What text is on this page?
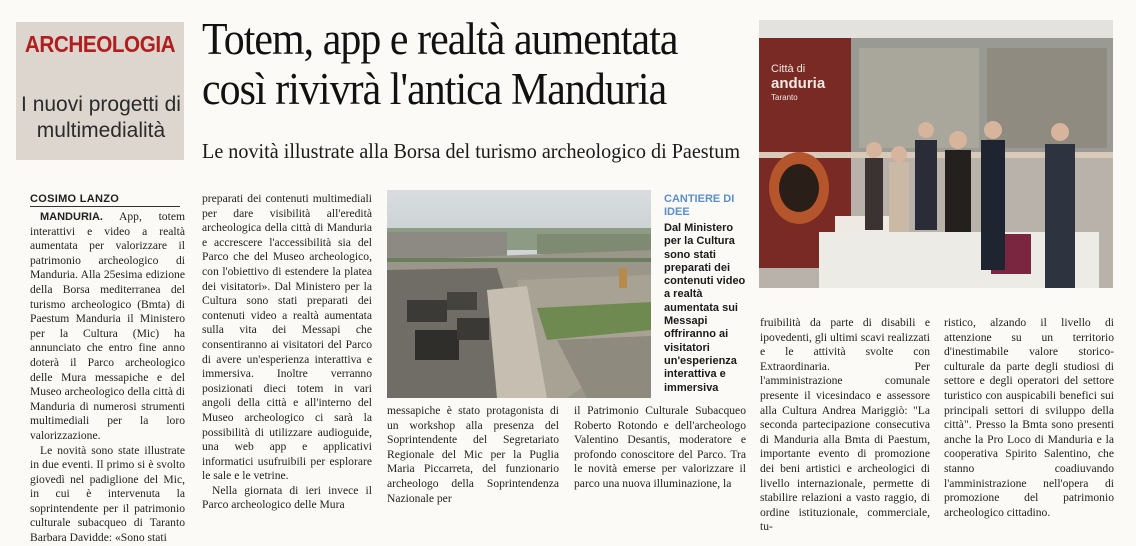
ARCHEOLOGIA
I nuovi progetti di multimedialità
Totem, app e realtà aumentata
così rivivrà l'antica Manduria
Le novità illustrate alla Borsa del turismo archeologico di Paestum
COSIMO LANZO

MANDURIA. App, totem interattivi e video a realtà aumentata per valorizzare il patrimonio archeologico di Manduria. Alla 25esima edizione della Borsa mediterranea del turismo archeologico (Bmta) di Paestum Manduria il Ministero per la Cultura (Mic) ha annunciato che entro fine anno doterà il Parco archeologico delle Mura messapiche e del Museo archeologico della città di Manduria di numerosi strumenti multimediali per la loro valorizzazione.

Le novità sono state illustrate in due eventi. Il primo si è svolto giovedì nel padiglione del Mic, in cui è intervenuta la soprintendente per il patrimonio culturale subacqueo di Taranto Barbara Davidde: «Sono stati

preparati dei contenuti multimediali per dare visibilità all'eredità archeologica della città di Manduria e accrescere l'accessibilità sia del Parco che del Museo archeologico, con l'obiettivo di estendere la platea dei visitatori». Dal Ministero per la Cultura sono stati preparati dei contenuti video a realtà aumentata sulla vita dei Messapi che consentiranno ai visitatori del Parco di avere un'esperienza interattiva e immersiva. Inoltre verranno posizionati dieci totem in vari angoli della città e all'interno del Museo archeologico ci sarà la possibilità di utilizzare audioguide, una web app e applicativi informatici usufruibili per esplorare le sale e le vetrine.

Nella giornata di ieri invece il Parco archeologico delle Mura

CANTIERE DI IDEE
Dal Ministero per la Cultura sono stati preparati dei contenuti video a realtà aumentata sui Messapi offriranno ai visitatori un'esperienza interattiva e immersiva
Città di
anduria
Taranto

messapiche è stato protagonista di un workshop alla presenza del Soprintendente del Segretariato Regionale del Mic per la Puglia Maria Piccarreta, del funzionario archeologo della Soprintendenza Nazionale per

il Patrimonio Culturale Subacqueo Roberto Rotondo e dell'archeologo Valentino Desantis, moderatore e profondo conoscitore del Parco. Tra le novità emerse per valorizzare il parco una nuova illuminazione, la

fruibilità da parte di disabili e ipovedenti, gli ultimi scavi realizzati e le attività svolte con Extraordinaria. Per l'amministrazione comunale presente il vicesindaco e assessore alla Cultura Andrea Mariggiò: "La seconda partecipazione consecutiva di Manduria alla Bmta di Paestum, importante evento di promozione dei beni artistici e archeologici di livello internazionale, permette di stabilire relazioni a vasto raggio, di ordine istituzionale, commerciale, tu-

ristico, alzando il livello di attenzione su un territorio d'inestimabile valore storico-culturale da parte degli studiosi di settore e degli operatori del settore turistico con auspicabili benefici sui principali settori di sviluppo della città". Presso la Bmta sono presenti anche la Pro Loco di Manduria e la cooperativa Spirito Salentino, che stanno coadiuvando l'amministrazione nell'opera di promozione del patrimonio archeologico cittadino.
